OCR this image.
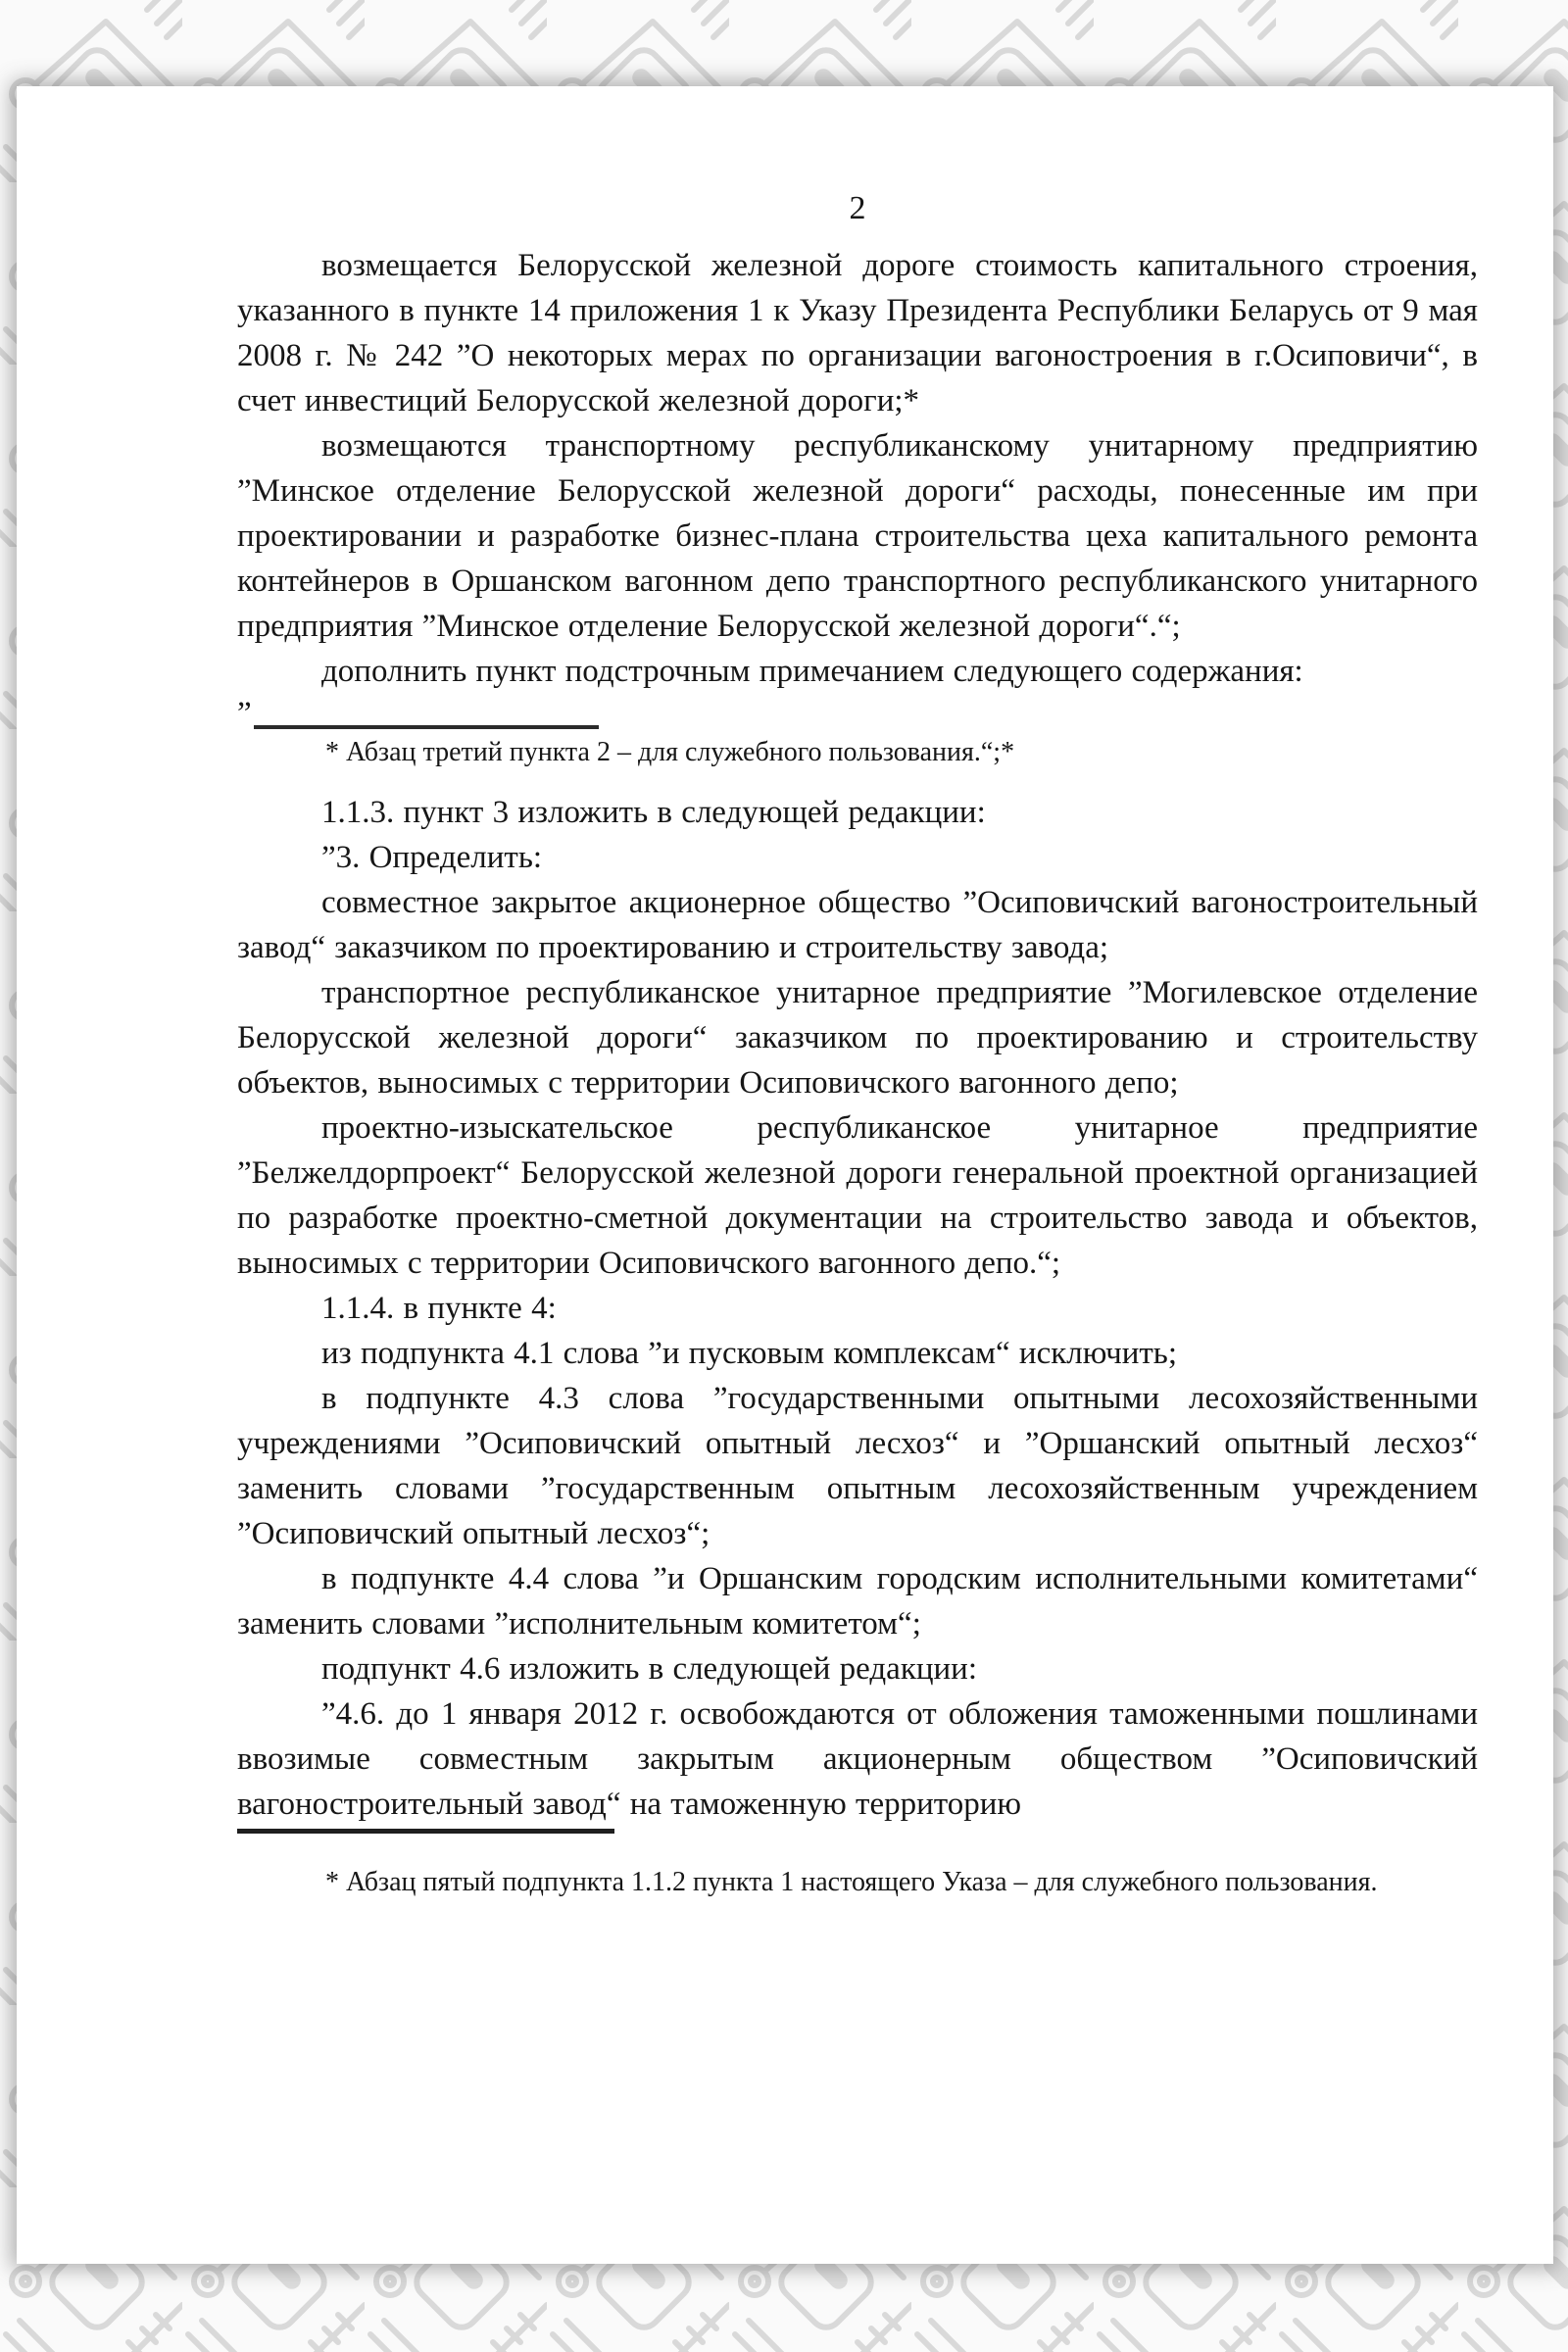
2

возмещается Белорусской железной дороге стоимость капитального строения, указанного в пункте 14 приложения 1 к Указу Президента Республики Беларусь от 9 мая 2008 г. № 242 ”О некоторых мерах по организации вагоностроения в г.Осиповичи“, в счет инвестиций Белорусской железной дороги;*

возмещаются транспортному республиканскому унитарному предприятию ”Минское отделение Белорусской железной дороги“ расходы, понесенные им при проектировании и разработке бизнес-плана строительства цеха капитального ремонта контейнеров в Оршанском вагонном депо транспортного республиканского унитарного предприятия ”Минское отделение Белорусской железной дороги“.“;

дополнить пункт подстрочным примечанием следующего содержания:

”

* Абзац третий пункта 2 – для служебного пользования.“;*

1.1.3. пункт 3 изложить в следующей редакции:

”3. Определить:

совместное закрытое акционерное общество ”Осиповичский вагоностроительный завод“ заказчиком по проектированию и строительству завода;

транспортное республиканское унитарное предприятие ”Могилевское отделение Белорусской железной дороги“ заказчиком по проектированию и строительству объектов, выносимых с территории Осиповичского вагонного депо;

проектно-изыскательское республиканское унитарное предприятие ”Белжелдорпроект“ Белорусской железной дороги генеральной проектной организацией по разработке проектно-сметной документации на строительство завода и объектов, выносимых с территории Осиповичского вагонного депо.“;

1.1.4. в пункте 4:

из подпункта 4.1 слова ”и пусковым комплексам“ исключить;

в подпункте 4.3 слова ”государственными опытными лесохозяйственными учреждениями ”Осиповичский опытный лесхоз“ и ”Оршанский опытный лесхоз“ заменить словами ”государственным опытным лесохозяйственным учреждением ”Осиповичский опытный лесхоз“;

в подпункте 4.4 слова ”и Оршанским городским исполнительными комитетами“ заменить словами ”исполнительным комитетом“;

подпункт 4.6 изложить в следующей редакции:

”4.6. до 1 января 2012 г. освобождаются от обложения таможенными пошлинами ввозимые совместным закрытым акционерным обществом ”Осиповичский вагоностроительный завод“ на таможенную территорию

* Абзац пятый подпункта 1.1.2 пункта 1 настоящего Указа – для служебного пользования.
